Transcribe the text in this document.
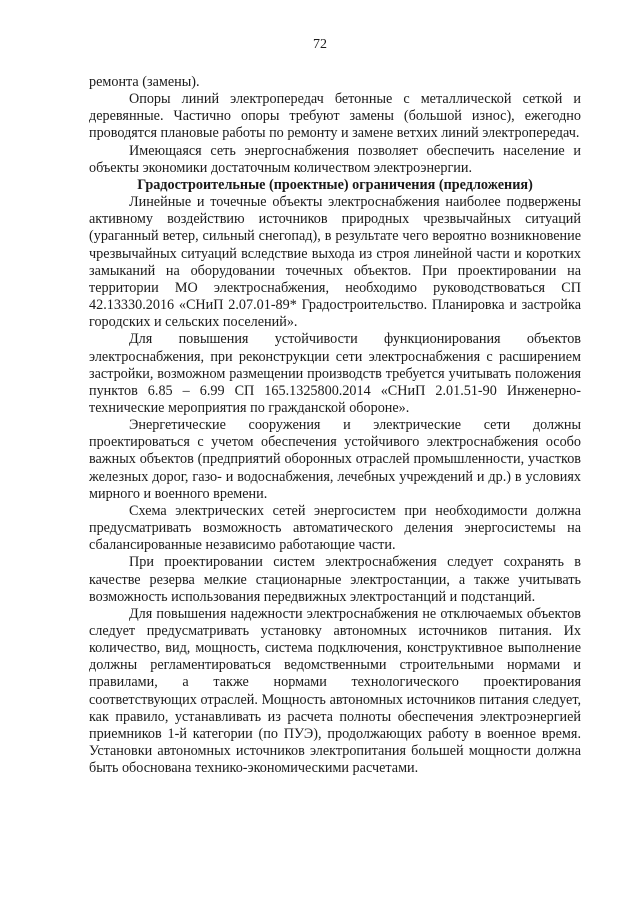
72

ремонта (замены).

Опоры линий электропередач бетонные с металлической сеткой и деревянные. Частично опоры требуют замены (большой износ), ежегодно проводятся плановые работы по ремонту и замене ветхих линий электропередач.

Имеющаяся сеть энергоснабжения позволяет обеспечить население и объекты экономики достаточным количеством электроэнергии.

Градостроительные (проектные) ограничения (предложения)

Линейные и точечные объекты электроснабжения наиболее подвержены активному воздействию источников природных чрезвычайных ситуаций (ураганный ветер, сильный снегопад), в результате чего вероятно возникновение чрезвычайных ситуаций вследствие выхода из строя линейной части и коротких замыканий на оборудовании точечных объектов. При проектировании на территории МО электроснабжения, необходимо руководствоваться СП 42.13330.2016 «СНиП 2.07.01-89* Градостроительство. Планировка и застройка городских и сельских поселений».

Для повышения устойчивости функционирования объектов электроснабжения, при реконструкции сети электроснабжения с расширением застройки, возможном размещении производств требуется учитывать положения пунктов 6.85 – 6.99 СП 165.1325800.2014 «СНиП 2.01.51-90 Инженерно-технические мероприятия по гражданской обороне».

Энергетические сооружения и электрические сети должны проектироваться с учетом обеспечения устойчивого электроснабжения особо важных объектов (предприятий оборонных отраслей промышленности, участков железных дорог, газо- и водоснабжения, лечебных учреждений и др.) в условиях мирного и военного времени.

Схема электрических сетей энергосистем при необходимости должна предусматривать возможность автоматического деления энергосистемы на сбалансированные независимо работающие части.

При проектировании систем электроснабжения следует сохранять в качестве резерва мелкие стационарные электростанции, а также учитывать возможность использования передвижных электростанций и подстанций.

Для повышения надежности электроснабжения не отключаемых объектов следует предусматривать установку автономных источников питания. Их количество, вид, мощность, система подключения, конструктивное выполнение должны регламентироваться ведомственными строительными нормами и правилами, а также нормами технологического проектирования соответствующих отраслей. Мощность автономных источников питания следует, как правило, устанавливать из расчета полноты обеспечения электроэнергией приемников 1-й категории (по ПУЭ), продолжающих работу в военное время. Установки автономных источников электропитания большей мощности должна быть обоснована технико-экономическими расчетами.
